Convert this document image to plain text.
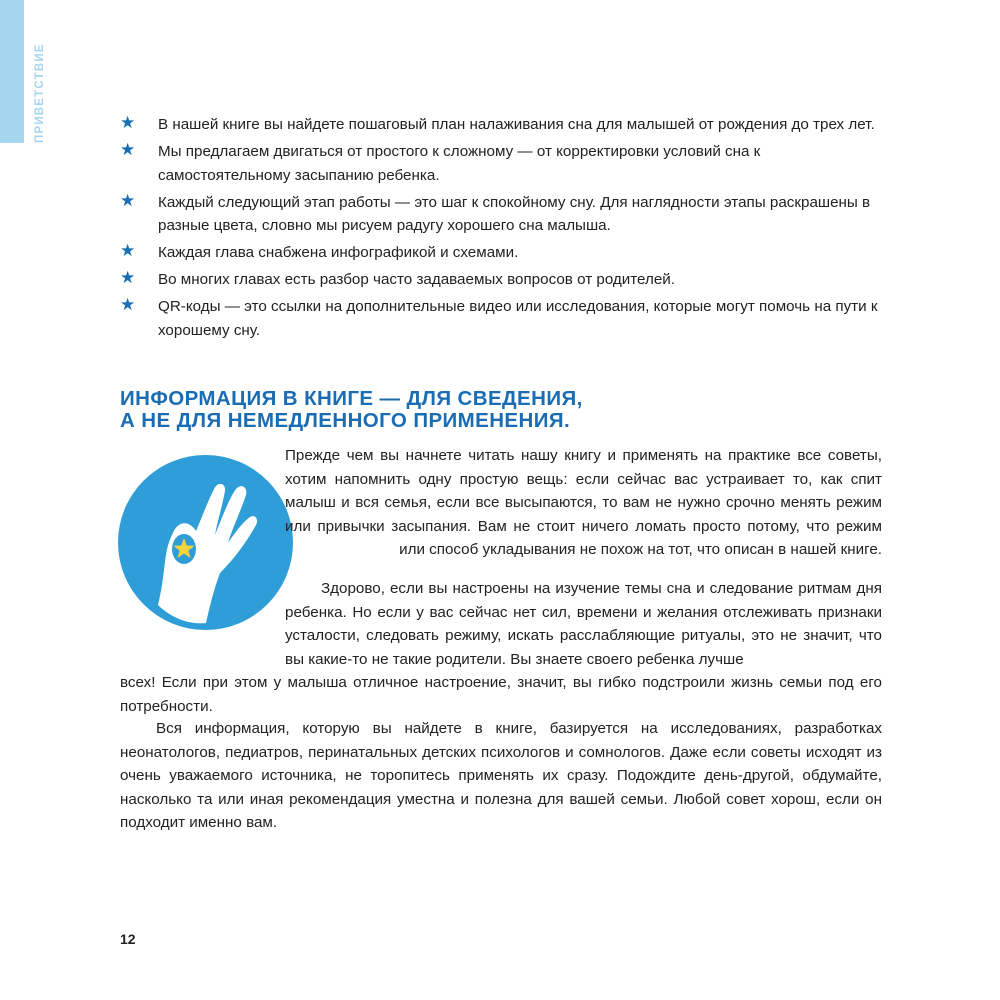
ПРИВЕТСТВИЕ	★ В нашей книге вы найдете пошаговый план налаживания сна для малышей от рождения до трех лет.
★ Мы предлагаем двигаться от простого к сложному — от корректировки условий сна к самостоятельному засыпанию ребенка.
★ Каждый следующий этап работы — это шаг к спокойному сну. Для наглядности этапы раскрашены в разные цвета, словно мы рисуем радугу хорошего сна малыша.
★ Каждая глава снабжена инфографикой и схемами.
★ Во многих главах есть разбор часто задаваемых вопросов от родителей.
★ QR-коды — это ссылки на дополнительные видео или исследования, которые могут помочь на пути к хорошему сну.
ИНФОРМАЦИЯ В КНИГЕ — ДЛЯ СВЕДЕНИЯ,
А НЕ ДЛЯ НЕМЕДЛЕННОГО ПРИМЕНЕНИЯ.

Прежде чем вы начнете читать нашу книгу и применять на практике все советы, хотим напомнить одну простую вещь: если сейчас вас устраивает то, как спит малыш и вся семья, если все высыпаются, то вам не нужно срочно менять режим или привычки засыпания. Вам не стоит ничего ломать просто потому, что режим или способ укладывания не похож на тот, что описан в нашей книге.

Здорово, если вы настроены на изучение темы сна и следование ритмам дня ребенка. Но если у вас сейчас нет сил, времени и желания отслеживать признаки усталости, следовать режиму, искать расслабляющие ритуалы, это не значит, что вы какие-то не такие родители. Вы знаете своего ребенка лучше
всех! Если при этом у малыша отличное настроение, значит, вы гибко подстроили жизнь семьи под его потребности.

Вся информация, которую вы найдете в книге, базируется на исследованиях, разработках неонатологов, педиатров, перинатальных детских психологов и сомнологов. Даже если советы исходят из очень уважаемого источника, не торопитесь применять их сразу. Подождите день-другой, обдумайте, насколько та или иная рекомендация уместна и полезна для вашей семьи. Любой совет хорош, если он подходит именно вам.

12
